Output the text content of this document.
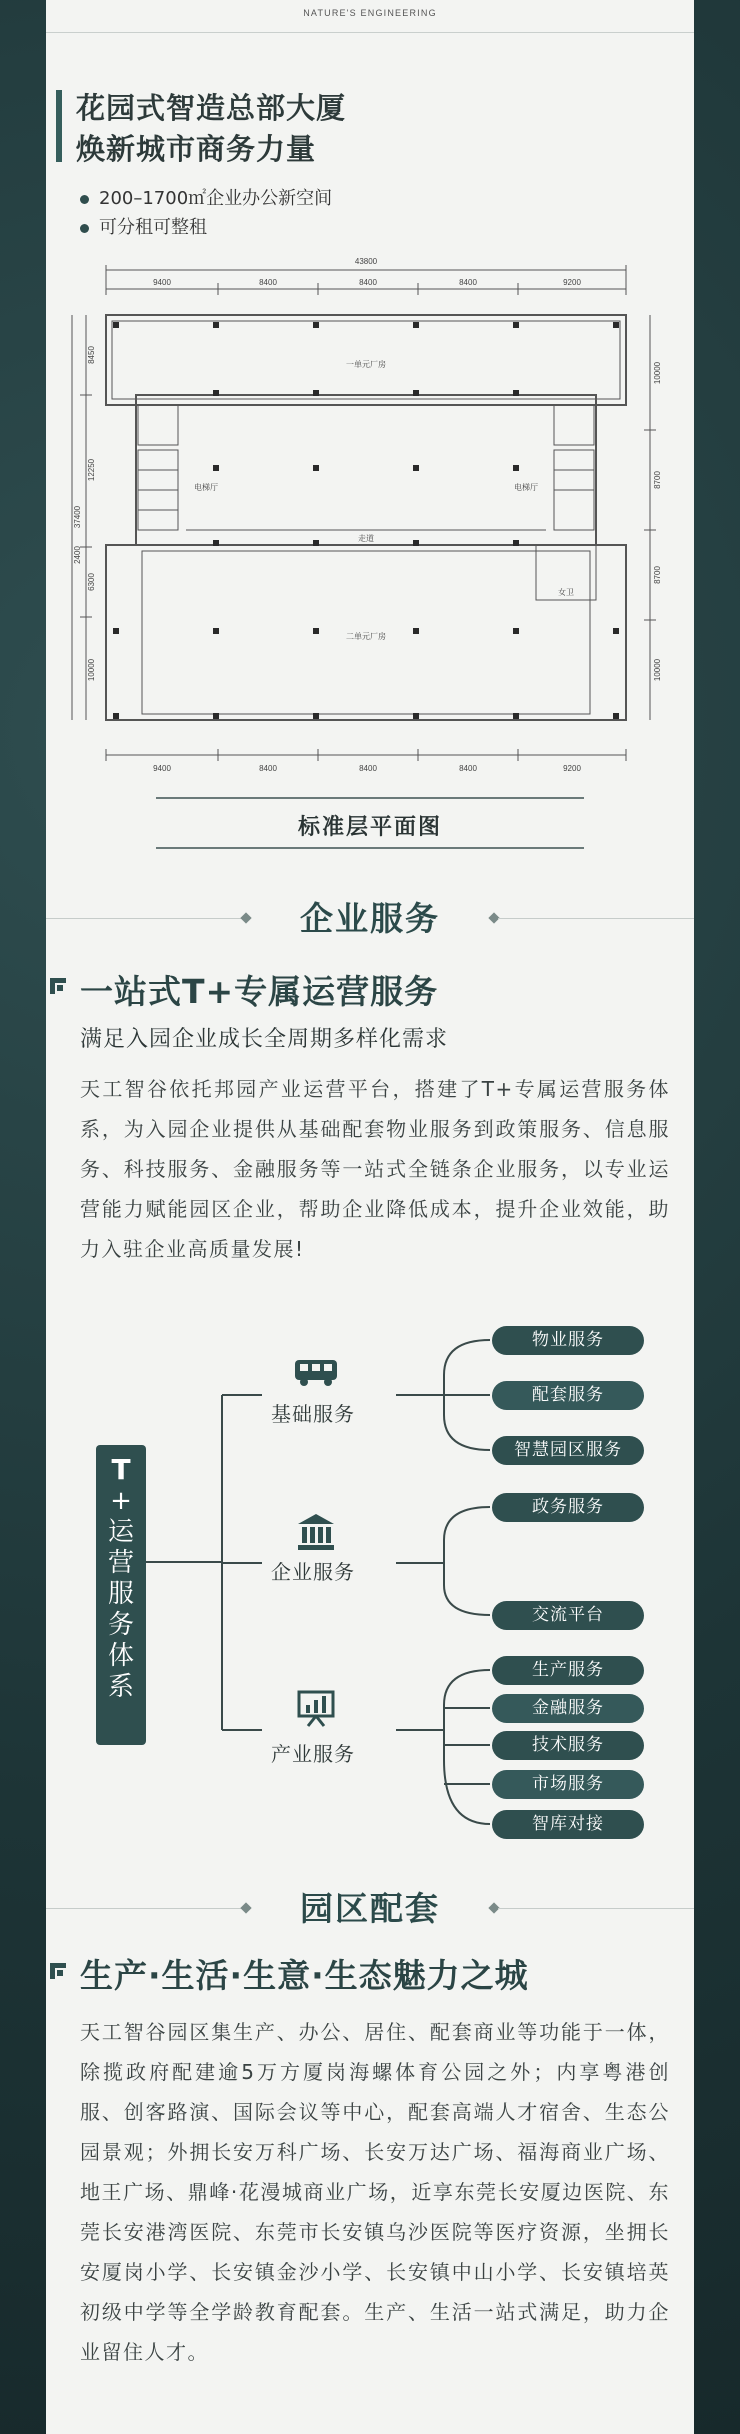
NATURE'S ENGINEERING
花园式智造总部大厦
焕新城市商务力量
200–1700㎡企业办公新空间
可分租可整租
43800
9400	8400	8400	8400	9200
9400	8400	8400	8400	9200
一单元厂房
二单元厂房
走道
电梯厅	电梯厅
女卫
8450
12250
6300
10000
37400
2400
10000
8700
8700
10000
标准层平面图
企业服务
一站式T+专属运营服务
满足入园企业成长全周期多样化需求
天工智谷依托邦园产业运营平台，搭建了T+专属运营服务体系，为入园企业提供从基础配套物业服务到政策服务、信息服务、科技服务、金融服务等一站式全链条企业服务，以专业运营能力赋能园区企业，帮助企业降低成本，提升企业效能，助力入驻企业高质量发展!
T
+
运
营
服
务
体
系
基础服务
物业服务
配套服务
智慧园区服务
企业服务
政务服务
交流平台
产业服务
生产服务
金融服务
技术服务
市场服务
智库对接
园区配套
生产·生活·生意·生态魅力之城
天工智谷园区集生产、办公、居住、配套商业等功能于一体，除揽政府配建逾5万方厦岗海螺体育公园之外；内享粤港创服、创客路演、国际会议等中心，配套高端人才宿舍、生态公园景观；外拥长安万科广场、长安万达广场、福海商业广场、地王广场、鼎峰·花漫城商业广场，近享东莞长安厦边医院、东莞长安港湾医院、东莞市长安镇乌沙医院等医疗资源，坐拥长安厦岗小学、长安镇金沙小学、长安镇中山小学、长安镇培英初级中学等全学龄教育配套。生产、生活一站式满足，助力企业留住人才。
